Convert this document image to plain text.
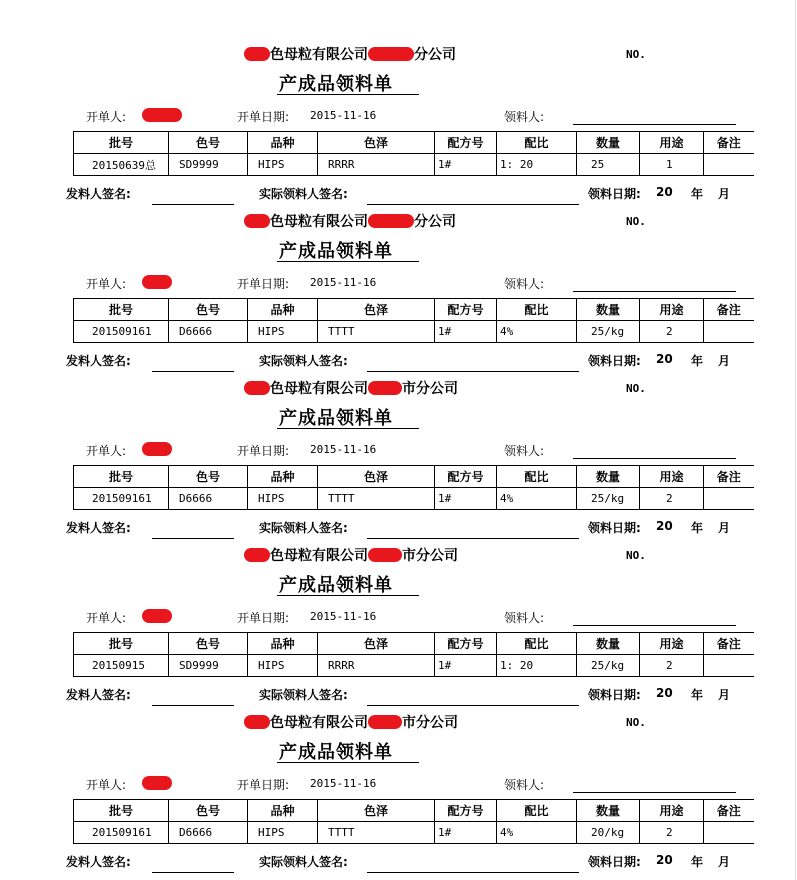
色母粒有限公司	分公司	NO.
产成品领料单
开单人:	开单日期: 2015-11-16	领料人:
批号	色号	品种	色泽	配方号	配比	数量	用途	备注
20150639总	SD9999	HIPS	RRRR	1#	1: 20	25	1	
发料人签名:	实际领料人签名:	领料日期: 20 年 月
色母粒有限公司	分公司	NO.
产成品领料单
开单人:	开单日期: 2015-11-16	领料人:
批号	色号	品种	色泽	配方号	配比	数量	用途	备注
201509161	D6666	HIPS	TTTT	1#	4%	25/kg	2	
发料人签名:	实际领料人签名:	领料日期: 20 年 月
色母粒有限公司 市分公司	NO.
产成品领料单
开单人:	开单日期: 2015-11-16	领料人:
批号	色号	品种	色泽	配方号	配比	数量	用途	备注
201509161	D6666	HIPS	TTTT	1#	4%	25/kg	2	
发料人签名:	实际领料人签名:	领料日期: 20 年 月
色母粒有限公司 市分公司	NO.
产成品领料单
开单人:	开单日期: 2015-11-16	领料人:
批号	色号	品种	色泽	配方号	配比	数量	用途	备注
20150915	SD9999	HIPS	RRRR	1#	1: 20	25/kg	2	
发料人签名:	实际领料人签名:	领料日期: 20 年 月
色母粒有限公司 市分公司	NO.
产成品领料单
开单人:	开单日期: 2015-11-16	领料人:
批号	色号	品种	色泽	配方号	配比	数量	用途	备注
201509161	D6666	HIPS	TTTT	1#	4%	20/kg	2	
发料人签名:	实际领料人签名:	领料日期: 20 年 月
